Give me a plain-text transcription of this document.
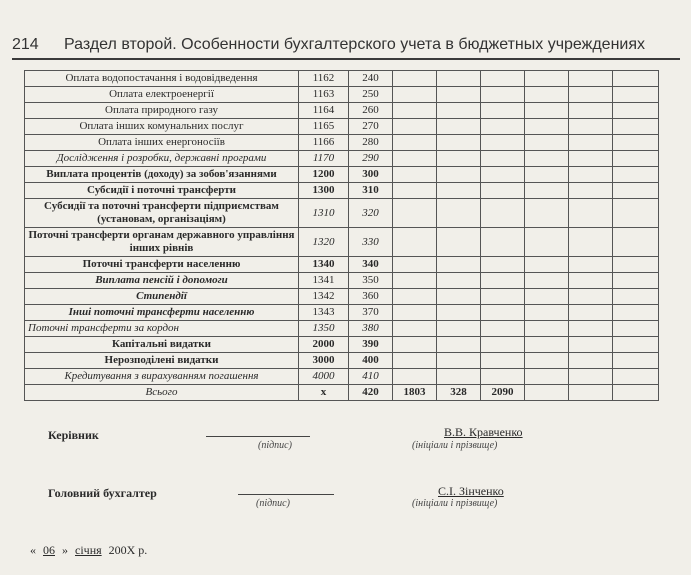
214 Раздел второй. Особенности бухгалтерского учета в бюджетных учреждениях
Оплата водопостачання і водовідведення	1162	240						
Оплата електроенергії	1163	250						
Оплата природного газу	1164	260						
Оплата інших комунальних послуг	1165	270						
Оплата інших енергоносіїв	1166	280						
Дослідження і розробки, державні програми	1170	290						
Виплата процентів (доходу) за зобов'язаннями	1200	300						
Субсидії і поточні трансферти	1300	310						
Субсидії та поточні трансферти підприємствам (установам, організаціям)	1310	320						
Поточні трансферти органам державного управління інших рівнів	1320	330						
Поточні трансферти населенню	1340	340						
Виплата пенсій і допомоги	1341	350						
Стипендії	1342	360						
Інші поточні трансферти населенню	1343	370						
Поточні трансферти за кордон	1350	380						
Капітальні видатки	2000	390						
Нерозподілені видатки	3000	400						
Кредитування з вирахуванням погашення	4000	410						
Всього	х	420	1803	328	2090			
Керівник
(підпис)
В.В. Кравченко
(ініціали і прізвище)
Головний бухгалтер
(підпис)
С.І. Зінченко
(ініціали і прізвище)
« 06 » січня 200Х р.
